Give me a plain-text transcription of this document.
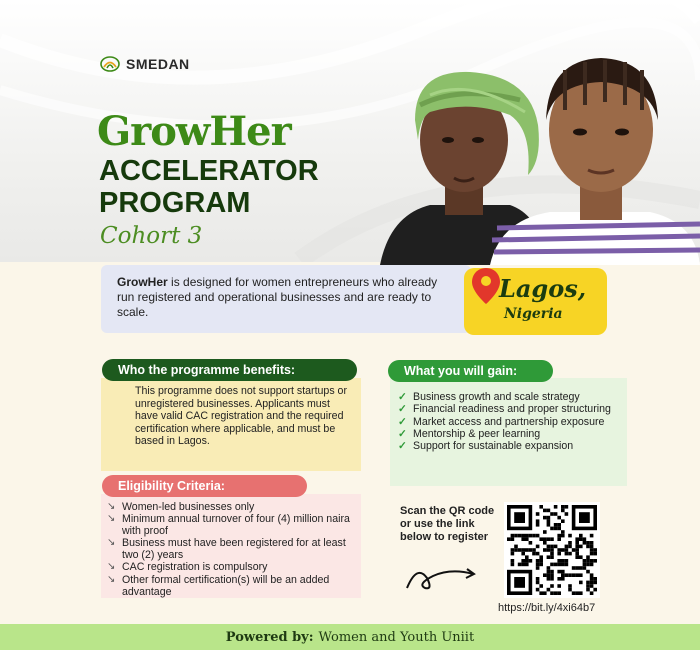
SMEDAN
GrowHer
ACCELERATOR
PROGRAM
Cohort 3
GrowHer is designed for women entrepreneurs who already run registered and operational businesses and are ready to scale.
Lagos,
Nigeria
This programme does not support startups or unregistered businesses. Applicants must have valid CAC registration and the required certification where applicable, and must be based in Lagos.
Who the programme benefits:
✓ Business growth and scale strategy
✓ Financial readiness and proper structuring
✓ Market access and partnership exposure
✓ Mentorship & peer learning
✓ Support for sustainable expansion
What you will gain:
↘ Women-led businesses only
↘ Minimum annual turnover of four (4) million naira with proof
↘ Business must have been registered for at least two (2) years
↘ CAC registration is compulsory
↘ Other formal certification(s) will be an added advantage
Eligibility Criteria:
Scan the QR code or use the link below to register
https://bit.ly/4xi64b7
Powered by: Women and Youth Uniit
